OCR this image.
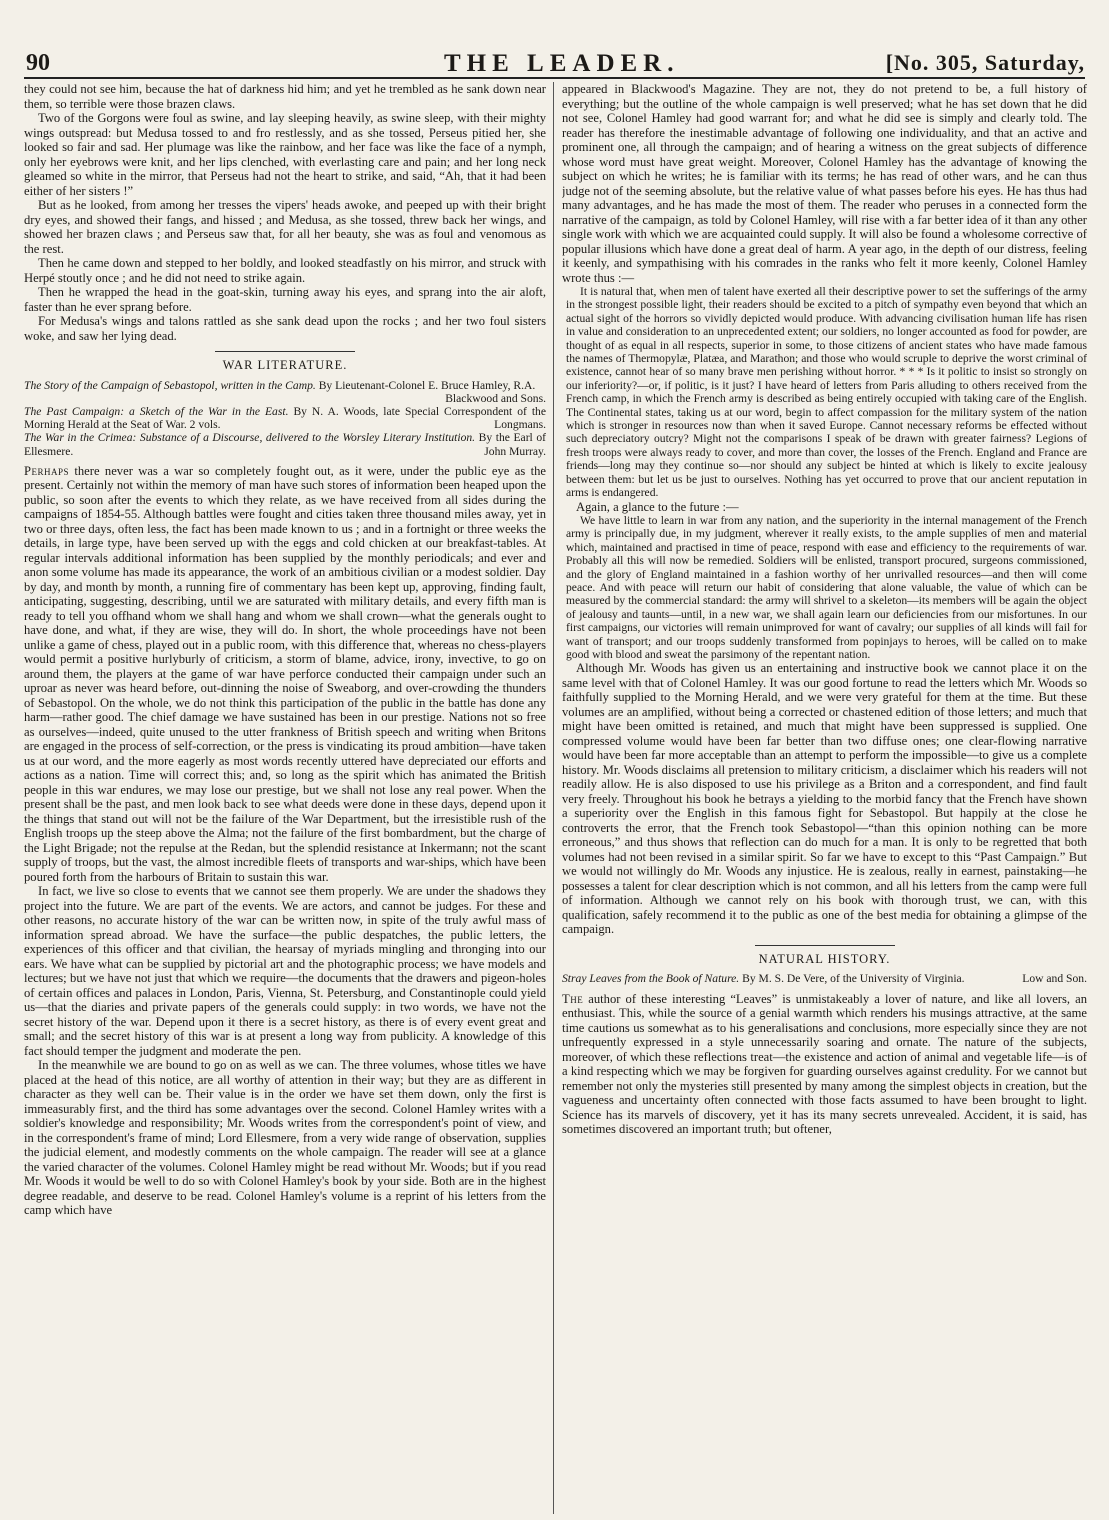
90	THE LEADER.	[No. 305, Saturday,

they could not see him, because the hat of darkness hid him; and yet he trembled as he sank down near them, so terrible were those brazen claws.

Two of the Gorgons were foul as swine, and lay sleeping heavily, as swine sleep, with their mighty wings outspread: but Medusa tossed to and fro restlessly, and as she tossed, Perseus pitied her, she looked so fair and sad. Her plumage was like the rainbow, and her face was like the face of a nymph, only her eyebrows were knit, and her lips clenched, with everlasting care and pain; and her long neck gleamed so white in the mirror, that Perseus had not the heart to strike, and said, “Ah, that it had been either of her sisters !”

But as he looked, from among her tresses the vipers' heads awoke, and peeped up with their bright dry eyes, and showed their fangs, and hissed ; and Medusa, as she tossed, threw back her wings, and showed her brazen claws ; and Perseus saw that, for all her beauty, she was as foul and venomous as the rest.

Then he came down and stepped to her boldly, and looked steadfastly on his mirror, and struck with Herpé stoutly once ; and he did not need to strike again.

Then he wrapped the head in the goat-skin, turning away his eyes, and sprang into the air aloft, faster than he ever sprang before.

For Medusa's wings and talons rattled as she sank dead upon the rocks ; and her two foul sisters woke, and saw her lying dead.

WAR LITERATURE.
The Story of the Campaign of Sebastopol, written in the Camp. By Lieutenant-Colonel E. Bruce Hamley, R.A.
Blackwood and Sons.
The Past Campaign: a Sketch of the War in the East. By N. A. Woods, late Special Correspondent of the Morning Herald at the Seat of War. 2 vols.	Longmans.
The War in the Crimea: Substance of a Discourse, delivered to the Worsley Literary Institution. By the Earl of Ellesmere.	John Murray.

Perhaps there never was a war so completely fought out, as it were, under the public eye as the present. Certainly not within the memory of man have such stores of information been heaped upon the public, so soon after the events to which they relate, as we have received from all sides during the campaigns of 1854-55. Although battles were fought and cities taken three thousand miles away, yet in two or three days, often less, the fact has been made known to us ; and in a fortnight or three weeks the details, in large type, have been served up with the eggs and cold chicken at our breakfast-tables. At regular intervals additional information has been supplied by the monthly periodicals; and ever and anon some volume has made its appearance, the work of an ambitious civilian or a modest soldier. Day by day, and month by month, a running fire of commentary has been kept up, approving, finding fault, anticipating, suggesting, describing, until we are saturated with military details, and every fifth man is ready to tell you offhand whom we shall hang and whom we shall crown—what the generals ought to have done, and what, if they are wise, they will do. In short, the whole proceedings have not been unlike a game of chess, played out in a public room, with this difference that, whereas no chess-players would permit a positive hurlyburly of criticism, a storm of blame, advice, irony, invective, to go on around them, the players at the game of war have perforce conducted their campaign under such an uproar as never was heard before, out-dinning the noise of Sweaborg, and over-crowding the thunders of Sebastopol. On the whole, we do not think this participation of the public in the battle has done any harm—rather good. The chief damage we have sustained has been in our prestige. Nations not so free as ourselves—indeed, quite unused to the utter frankness of British speech and writing when Britons are engaged in the process of self-correction, or the press is vindicating its proud ambition—have taken us at our word, and the more eagerly as most words recently uttered have depreciated our efforts and actions as a nation. Time will correct this; and, so long as the spirit which has animated the British people in this war endures, we may lose our prestige, but we shall not lose any real power. When the present shall be the past, and men look back to see what deeds were done in these days, depend upon it the things that stand out will not be the failure of the War Department, but the irresistible rush of the English troops up the steep above the Alma; not the failure of the first bombardment, but the charge of the Light Brigade; not the repulse at the Redan, but the splendid resistance at Inkermann; not the scant supply of troops, but the vast, the almost incredible fleets of transports and war-ships, which have been poured forth from the harbours of Britain to sustain this war.

In fact, we live so close to events that we cannot see them properly. We are under the shadows they project into the future. We are part of the events. We are actors, and cannot be judges. For these and other reasons, no accurate history of the war can be written now, in spite of the truly awful mass of information spread abroad. We have the surface—the public despatches, the public letters, the experiences of this officer and that civilian, the hearsay of myriads mingling and thronging into our ears. We have what can be supplied by pictorial art and the photographic process; we have models and lectures; but we have not just that which we require—the documents that the drawers and pigeon-holes of certain offices and palaces in London, Paris, Vienna, St. Petersburg, and Constantinople could yield us—that the diaries and private papers of the generals could supply: in two words, we have not the secret history of the war. Depend upon it there is a secret history, as there is of every event great and small; and the secret history of this war is at present a long way from publicity. A knowledge of this fact should temper the judgment and moderate the pen.

In the meanwhile we are bound to go on as well as we can. The three volumes, whose titles we have placed at the head of this notice, are all worthy of attention in their way; but they are as different in character as they well can be. Their value is in the order we have set them down, only the first is immeasurably first, and the third has some advantages over the second. Colonel Hamley writes with a soldier's knowledge and responsibility; Mr. Woods writes from the correspondent's point of view, and in the correspondent's frame of mind; Lord Ellesmere, from a very wide range of observation, supplies the judicial element, and modestly comments on the whole campaign. The reader will see at a glance the varied character of the volumes. Colonel Hamley might be read without Mr. Woods; but if you read Mr. Woods it would be well to do so with Colonel Hamley's book by your side. Both are in the highest degree readable, and deserve to be read. Colonel Hamley's volume is a reprint of his letters from the camp which have

appeared in Blackwood's Magazine. They are not, they do not pretend to be, a full history of everything; but the outline of the whole campaign is well preserved; what he has set down that he did not see, Colonel Hamley had good warrant for; and what he did see is simply and clearly told. The reader has therefore the inestimable advantage of following one individuality, and that an active and prominent one, all through the campaign; and of hearing a witness on the great subjects of difference whose word must have great weight. Moreover, Colonel Hamley has the advantage of knowing the subject on which he writes; he is familiar with its terms; he has read of other wars, and he can thus judge not of the seeming absolute, but the relative value of what passes before his eyes. He has thus had many advantages, and he has made the most of them. The reader who peruses in a connected form the narrative of the campaign, as told by Colonel Hamley, will rise with a far better idea of it than any other single work with which we are acquainted could supply. It will also be found a wholesome corrective of popular illusions which have done a great deal of harm. A year ago, in the depth of our distress, feeling it keenly, and sympathising with his comrades in the ranks who felt it more keenly, Colonel Hamley wrote thus :—

It is natural that, when men of talent have exerted all their descriptive power to set the sufferings of the army in the strongest possible light, their readers should be excited to a pitch of sympathy even beyond that which an actual sight of the horrors so vividly depicted would produce. With advancing civilisation human life has risen in value and consideration to an unprecedented extent; our soldiers, no longer accounted as food for powder, are thought of as equal in all respects, superior in some, to those citizens of ancient states who have made famous the names of Thermopylæ, Platæa, and Marathon; and those who would scruple to deprive the worst criminal of existence, cannot hear of so many brave men perishing without horror. * * * Is it politic to insist so strongly on our inferiority?—or, if politic, is it just? I have heard of letters from Paris alluding to others received from the French camp, in which the French army is described as being entirely occupied with taking care of the English. The Continental states, taking us at our word, begin to affect compassion for the military system of the nation which is stronger in resources now than when it saved Europe. Cannot necessary reforms be effected without such depreciatory outcry? Might not the comparisons I speak of be drawn with greater fairness? Legions of fresh troops were always ready to cover, and more than cover, the losses of the French. England and France are friends—long may they continue so—nor should any subject be hinted at which is likely to excite jealousy between them: but let us be just to ourselves. Nothing has yet occurred to prove that our ancient reputation in arms is endangered.

Again, a glance to the future :—

We have little to learn in war from any nation, and the superiority in the internal management of the French army is principally due, in my judgment, wherever it really exists, to the ample supplies of men and material which, maintained and practised in time of peace, respond with ease and efficiency to the requirements of war. Probably all this will now be remedied. Soldiers will be enlisted, transport procured, surgeons commissioned, and the glory of England maintained in a fashion worthy of her unrivalled resources—and then will come peace. And with peace will return our habit of considering that alone valuable, the value of which can be measured by the commercial standard: the army will shrivel to a skeleton—its members will be again the object of jealousy and taunts—until, in a new war, we shall again learn our deficiencies from our misfortunes. In our first campaigns, our victories will remain unimproved for want of cavalry; our supplies of all kinds will fail for want of transport; and our troops suddenly transformed from popinjays to heroes, will be called on to make good with blood and sweat the parsimony of the repentant nation.

Although Mr. Woods has given us an entertaining and instructive book we cannot place it on the same level with that of Colonel Hamley. It was our good fortune to read the letters which Mr. Woods so faithfully supplied to the Morning Herald, and we were very grateful for them at the time. But these volumes are an amplified, without being a corrected or chastened edition of those letters; and much that might have been omitted is retained, and much that might have been suppressed is supplied. One compressed volume would have been far better than two diffuse ones; one clear-flowing narrative would have been far more acceptable than an attempt to perform the impossible—to give us a complete history. Mr. Woods disclaims all pretension to military criticism, a disclaimer which his readers will not readily allow. He is also disposed to use his privilege as a Briton and a correspondent, and find fault very freely. Throughout his book he betrays a yielding to the morbid fancy that the French have shown a superiority over the English in this famous fight for Sebastopol. But happily at the close he controverts the error, that the French took Sebastopol—“than this opinion nothing can be more erroneous,” and thus shows that reflection can do much for a man. It is only to be regretted that both volumes had not been revised in a similar spirit. So far we have to except to this “Past Campaign.” But we would not willingly do Mr. Woods any injustice. He is zealous, really in earnest, painstaking—he possesses a talent for clear description which is not common, and all his letters from the camp were full of information. Although we cannot rely on his book with thorough trust, we can, with this qualification, safely recommend it to the public as one of the best media for obtaining a glimpse of the campaign.

NATURAL HISTORY.
Stray Leaves from the Book of Nature. By M. S. De Vere, of the University of Virginia.	Low and Son.

The author of these interesting “Leaves” is unmistakeably a lover of nature, and like all lovers, an enthusiast. This, while the source of a genial warmth which renders his musings attractive, at the same time cautions us somewhat as to his generalisations and conclusions, more especially since they are not unfrequently expressed in a style unnecessarily soaring and ornate. The nature of the subjects, moreover, of which these reflections treat—the existence and action of animal and vegetable life—is of a kind respecting which we may be forgiven for guarding ourselves against credulity. For we cannot but remember not only the mysteries still presented by many among the simplest objects in creation, but the vagueness and uncertainty often connected with those facts assumed to have been brought to light. Science has its marvels of discovery, yet it has its many secrets unrevealed. Accident, it is said, has sometimes discovered an important truth; but oftener,
